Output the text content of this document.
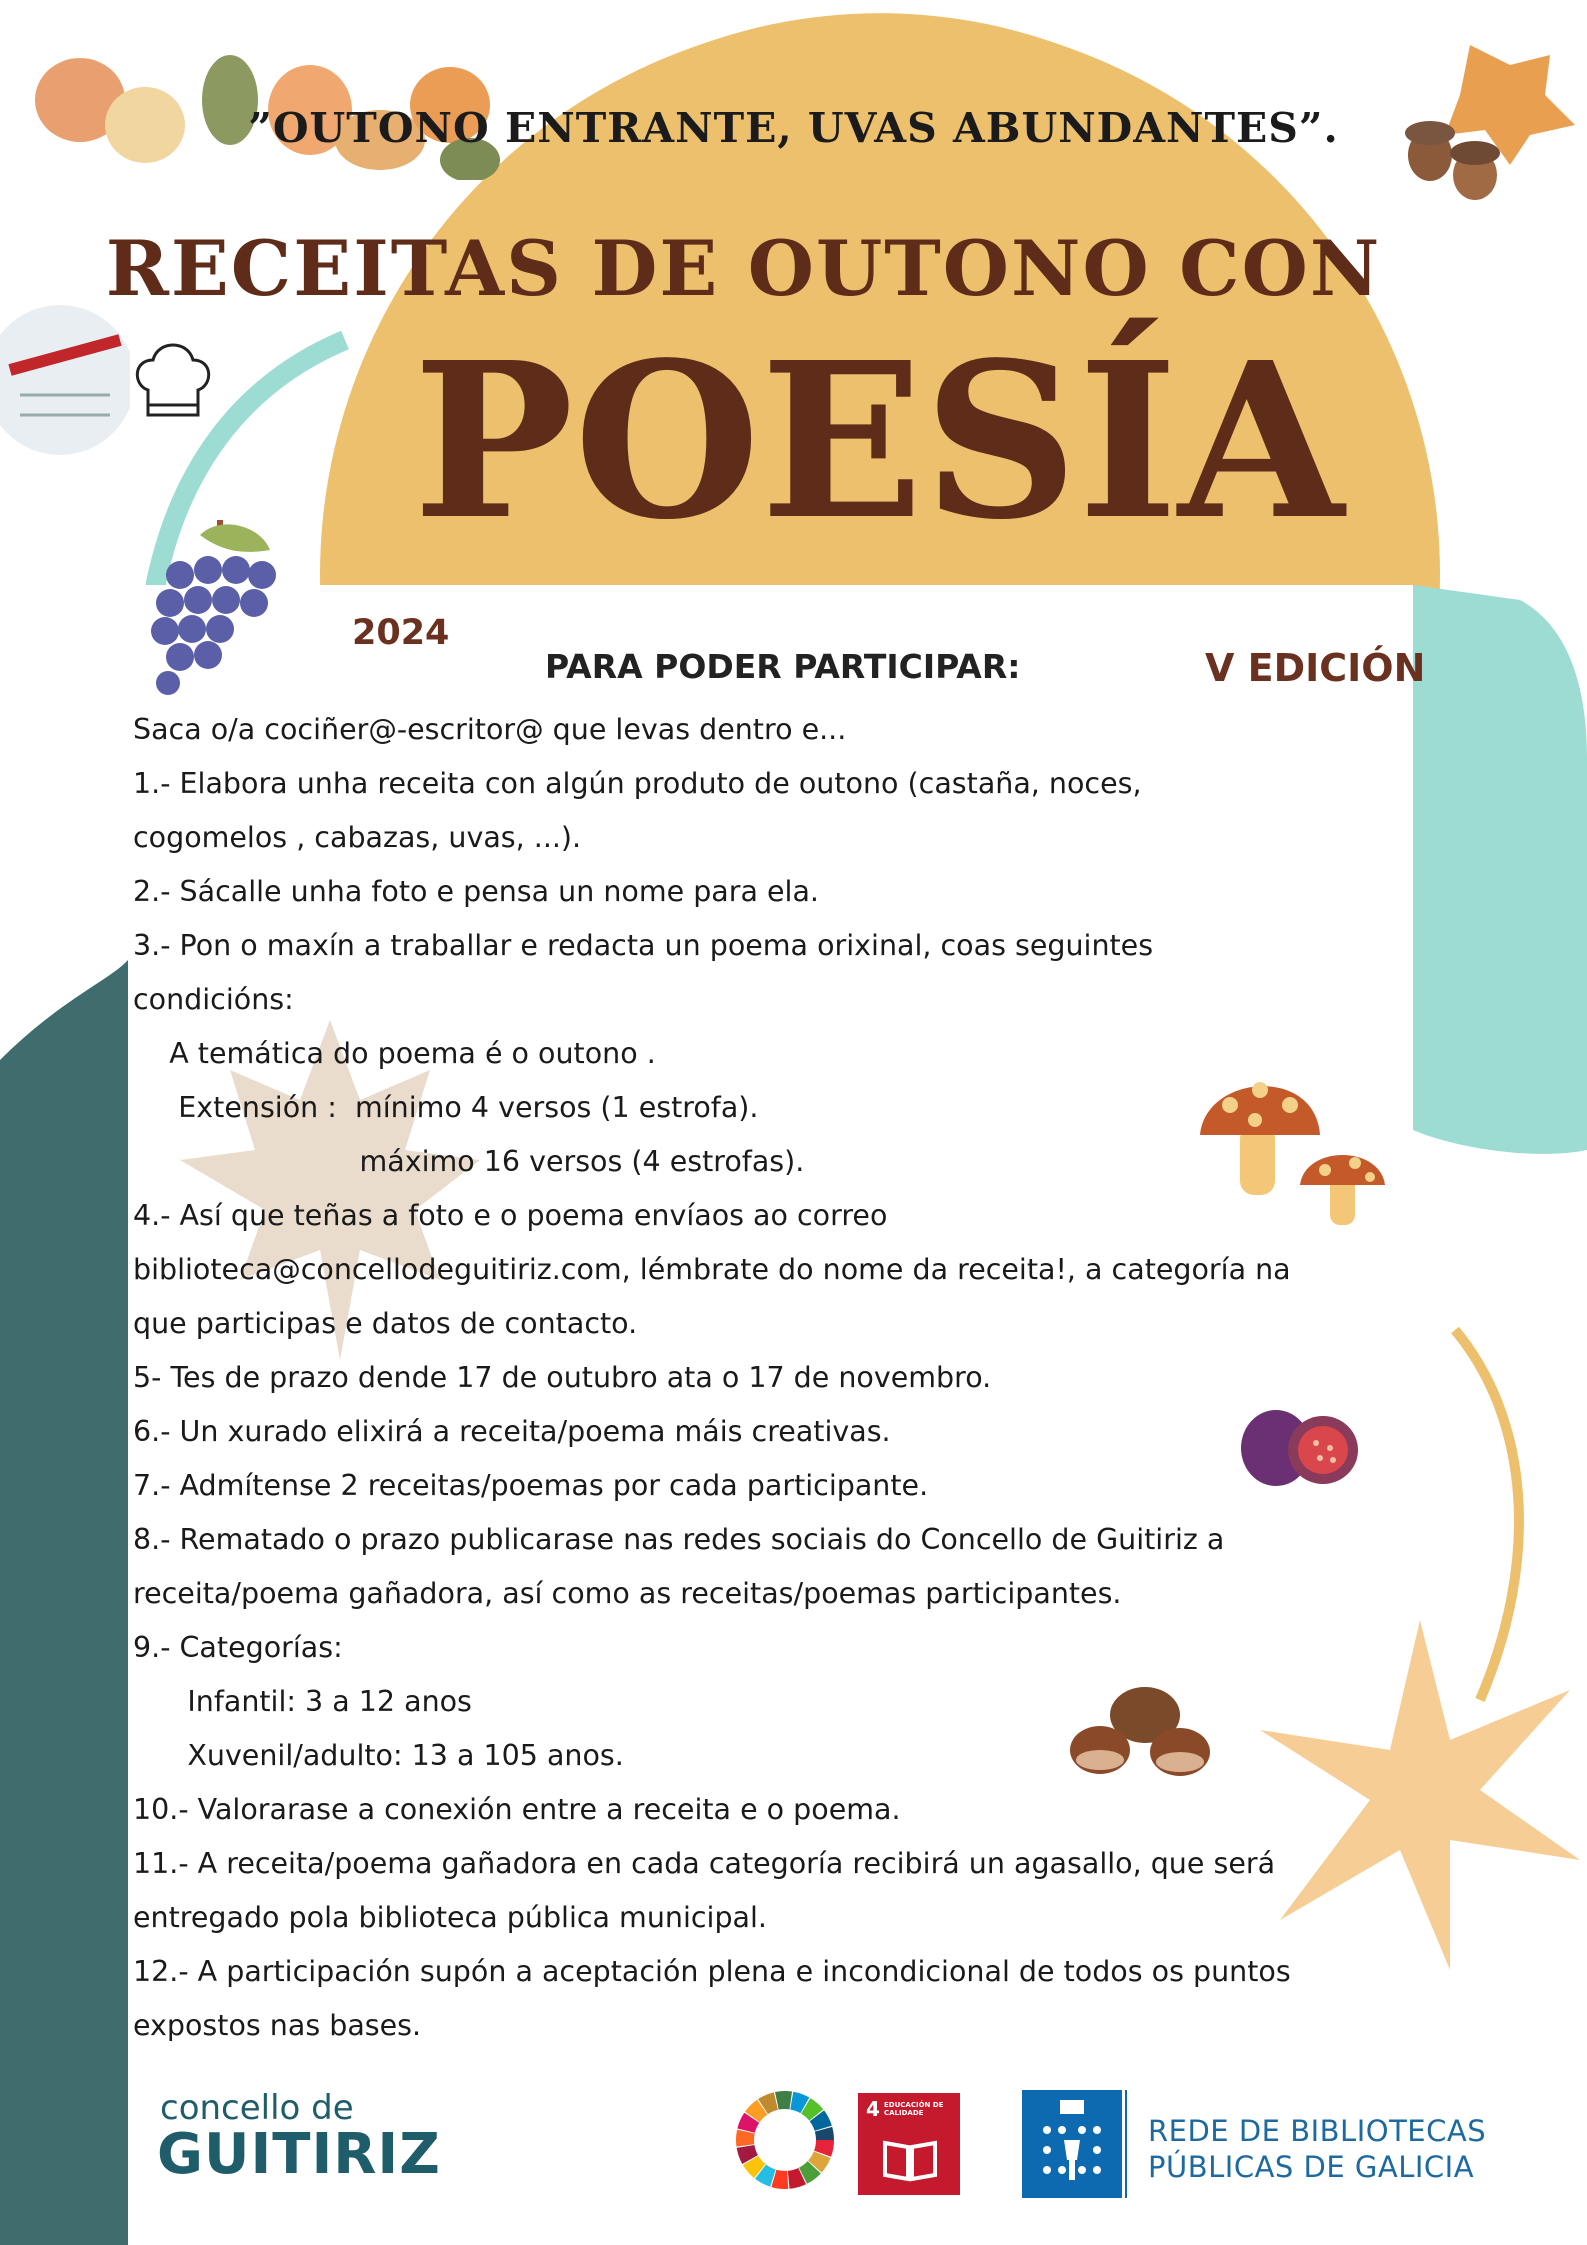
”OUTONO ENTRANTE, UVAS ABUNDANTES”.
RECEITAS DE OUTONO CON
POESÍA
2024
PARA PODER PARTICIPAR:	V EDICIÓN
Saca o/a cociñer@-escritor@ que levas dentro e...
1.- Elabora unha receita con algún produto de outono (castaña, noces,
cogomelos , cabazas, uvas, ...).
2.- Sácalle unha foto e pensa un nome para ela.
3.- Pon o maxín a traballar e redacta un poema orixinal, coas seguintes
condicións:
A temática do poema é o outono .
Extensión :  mínimo 4 versos (1 estrofa).
máximo 16 versos (4 estrofas).
4.- Así que teñas a foto e o poema envíaos ao correo
biblioteca@concellodeguitiriz.com, lémbrate do nome da receita!, a categoría na
que participas e datos de contacto.
5- Tes de prazo dende 17 de outubro ata o 17 de novembro.
6.- Un xurado elixirá a receita/poema máis creativas.
7.- Admítense 2 receitas/poemas por cada participante.
8.- Rematado o prazo publicarase nas redes sociais do Concello de Guitiriz a
receita/poema gañadora, así como as receitas/poemas participantes.
9.- Categorías:
Infantil: 3 a 12 anos
Xuvenil/adulto: 13 a 105 anos.
10.- Valorarase a conexión entre a receita e o poema.
11.- A receita/poema gañadora en cada categoría recibirá un agasallo, que será
entregado pola biblioteca pública municipal.
12.- A participación supón a aceptación plena e incondicional de todos os puntos
expostos nas bases.
concello de
GUITIRIZ
4 EDUCACIÓN DE CALIDADE
REDE DE BIBLIOTECAS
PÚBLICAS DE GALICIA
